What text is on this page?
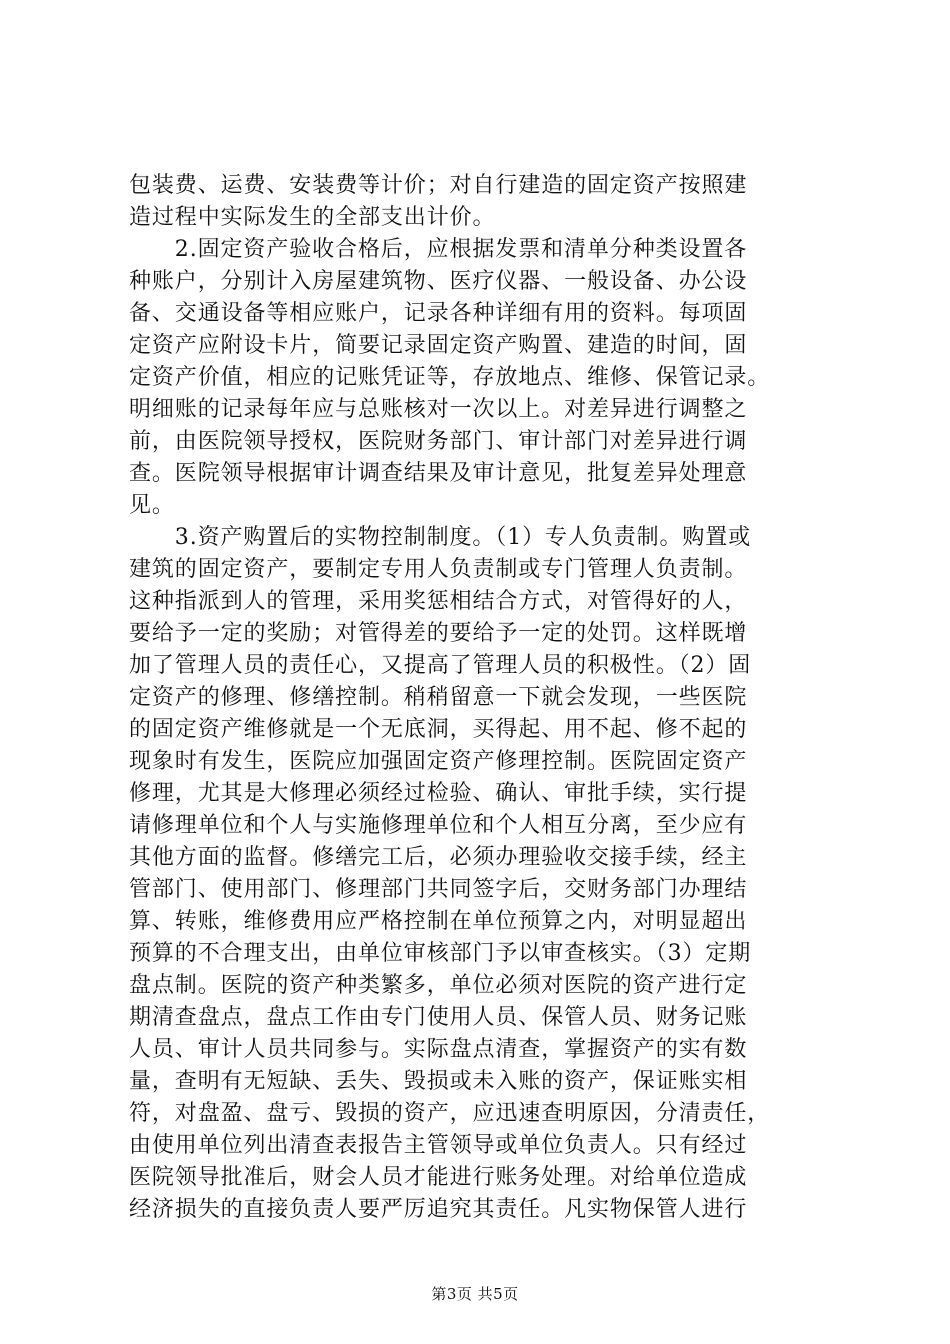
包装费、运费、安装费等计价；对自行建造的固定资产按照建
造过程中实际发生的全部支出计价。
　　2.固定资产验收合格后，应根据发票和清单分种类设置各
种账户，分别计入房屋建筑物、医疗仪器、一般设备、办公设
备、交通设备等相应账户，记录各种详细有用的资料。每项固
定资产应附设卡片，简要记录固定资产购置、建造的时间，固
定资产价值，相应的记账凭证等，存放地点、维修、保管记录。
明细账的记录每年应与总账核对一次以上。对差异进行调整之
前，由医院领导授权，医院财务部门、审计部门对差异进行调
查。医院领导根据审计调查结果及审计意见，批复差异处理意
见。
　　3.资产购置后的实物控制制度。（1）专人负责制。购置或
建筑的固定资产，要制定专用人负责制或专门管理人负责制。
这种指派到人的管理，采用奖惩相结合方式，对管得好的人，
要给予一定的奖励；对管得差的要给予一定的处罚。这样既增
加了管理人员的责任心，又提高了管理人员的积极性。（2）固
定资产的修理、修缮控制。稍稍留意一下就会发现，一些医院
的固定资产维修就是一个无底洞，买得起、用不起、修不起的
现象时有发生，医院应加强固定资产修理控制。医院固定资产
修理，尤其是大修理必须经过检验、确认、审批手续，实行提
请修理单位和个人与实施修理单位和个人相互分离，至少应有
其他方面的监督。修缮完工后，必须办理验收交接手续，经主
管部门、使用部门、修理部门共同签字后，交财务部门办理结
算、转账，维修费用应严格控制在单位预算之内，对明显超出
预算的不合理支出，由单位审核部门予以审查核实。（3）定期
盘点制。医院的资产种类繁多，单位必须对医院的资产进行定
期清查盘点，盘点工作由专门使用人员、保管人员、财务记账
人员、审计人员共同参与。实际盘点清查，掌握资产的实有数
量，查明有无短缺、丢失、毁损或未入账的资产，保证账实相
符，对盘盈、盘亏、毁损的资产，应迅速查明原因，分清责任，
由使用单位列出清查表报告主管领导或单位负责人。只有经过
医院领导批准后，财会人员才能进行账务处理。对给单位造成
经济损失的直接负责人要严厉追究其责任。凡实物保管人进行
第3页 共5页
